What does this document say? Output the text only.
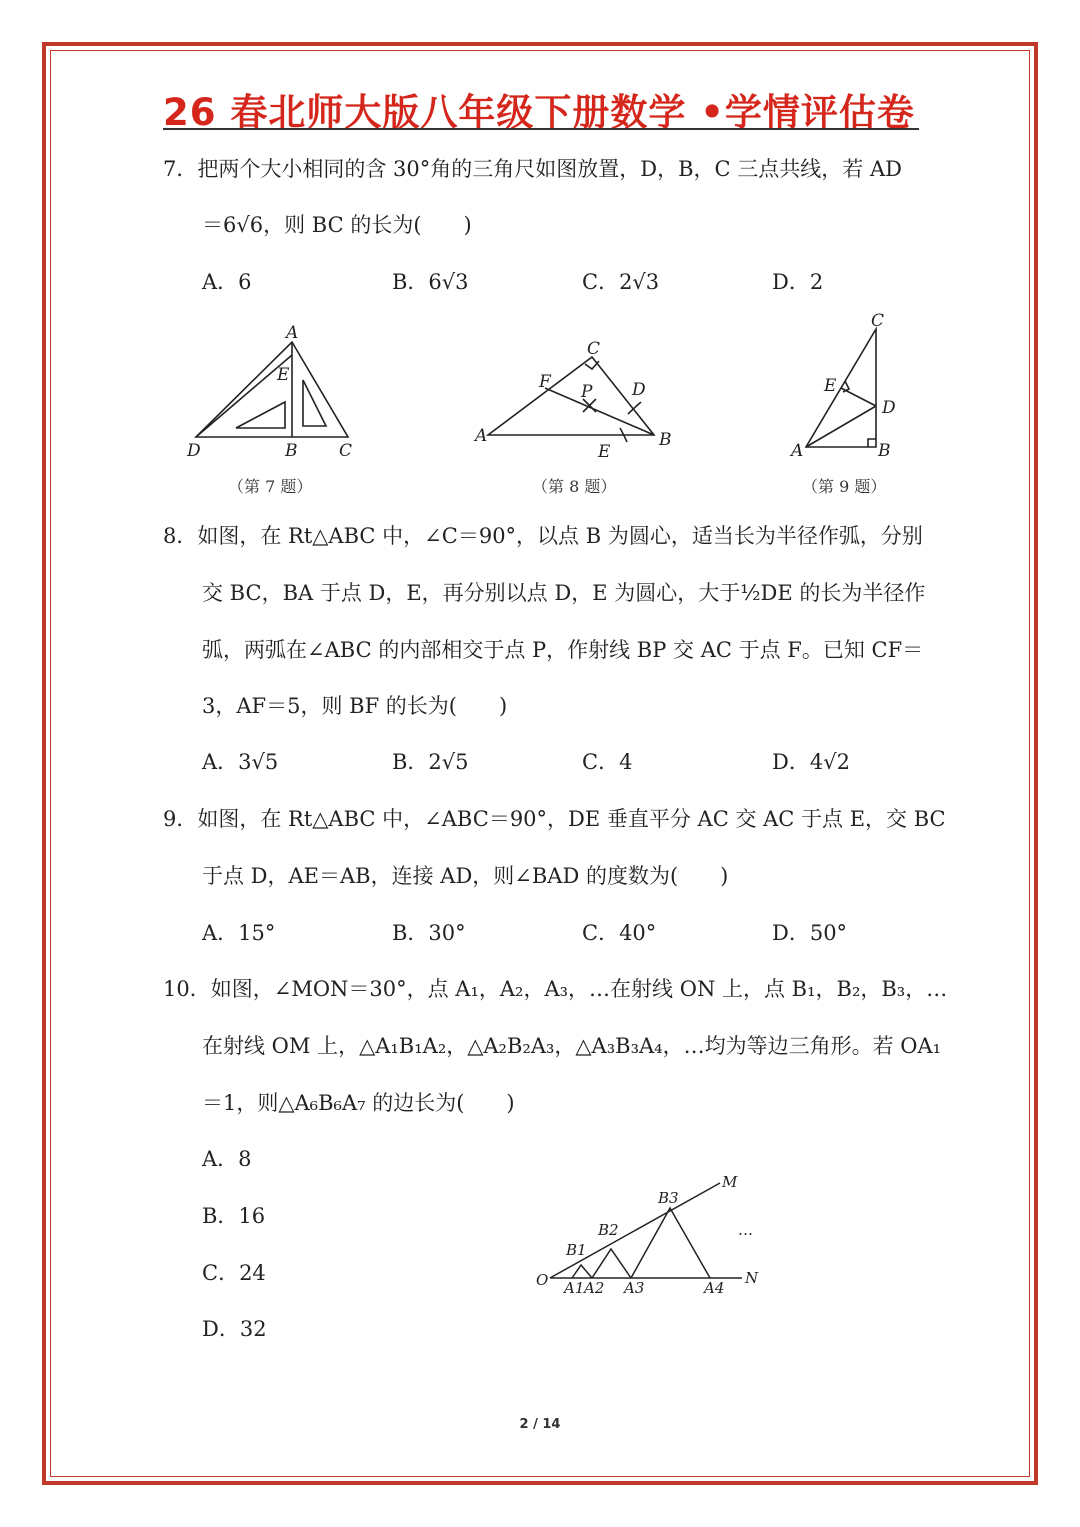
26 春北师大版八年级下册数学 •学情评估卷
7．把两个大小相同的含 30°角的三角尺如图放置，D，B，C 三点共线，若 AD
＝6√6，则 BC 的长为(　　)
A．6	B．6√3	C．2√3	D．2
A
E
D	B C
（第 7 题）
C
F P D
A
E
B
（第 8 题）
C
E
D
A	B
（第 9 题）
8．如图，在 Rt△ABC 中，∠C＝90°，以点 B 为圆心，适当长为半径作弧，分别
交 BC，BA 于点 D，E，再分别以点 D，E 为圆心，大于½DE 的长为半径作
弧，两弧在∠ABC 的内部相交于点 P，作射线 BP 交 AC 于点 F。已知 CF＝
3，AF＝5，则 BF 的长为(　　)
A．3√5	B．2√5	C．4	D．4√2
9．如图，在 Rt△ABC 中，∠ABC＝90°，DE 垂直平分 AC 交 AC 于点 E，交 BC
于点 D，AE＝AB，连接 AD，则∠BAD 的度数为(　　)
A．15°	B．30°	C．40°	D．50°
10．如图，∠MON＝30°，点 A₁，A₂，A₃，…在射线 ON 上，点 B₁，B₂，B₃，…
在射线 OM 上，△A₁B₁A₂，△A₂B₂A₃，△A₃B₃A₄，…均为等边三角形。若 OA₁
＝1，则△A₆B₆A₇ 的边长为(　　)
A．8
B．16
C．24
D．32
M
B3
B2
B1
O A1 A2 A3	A4
N
…
2 / 14
